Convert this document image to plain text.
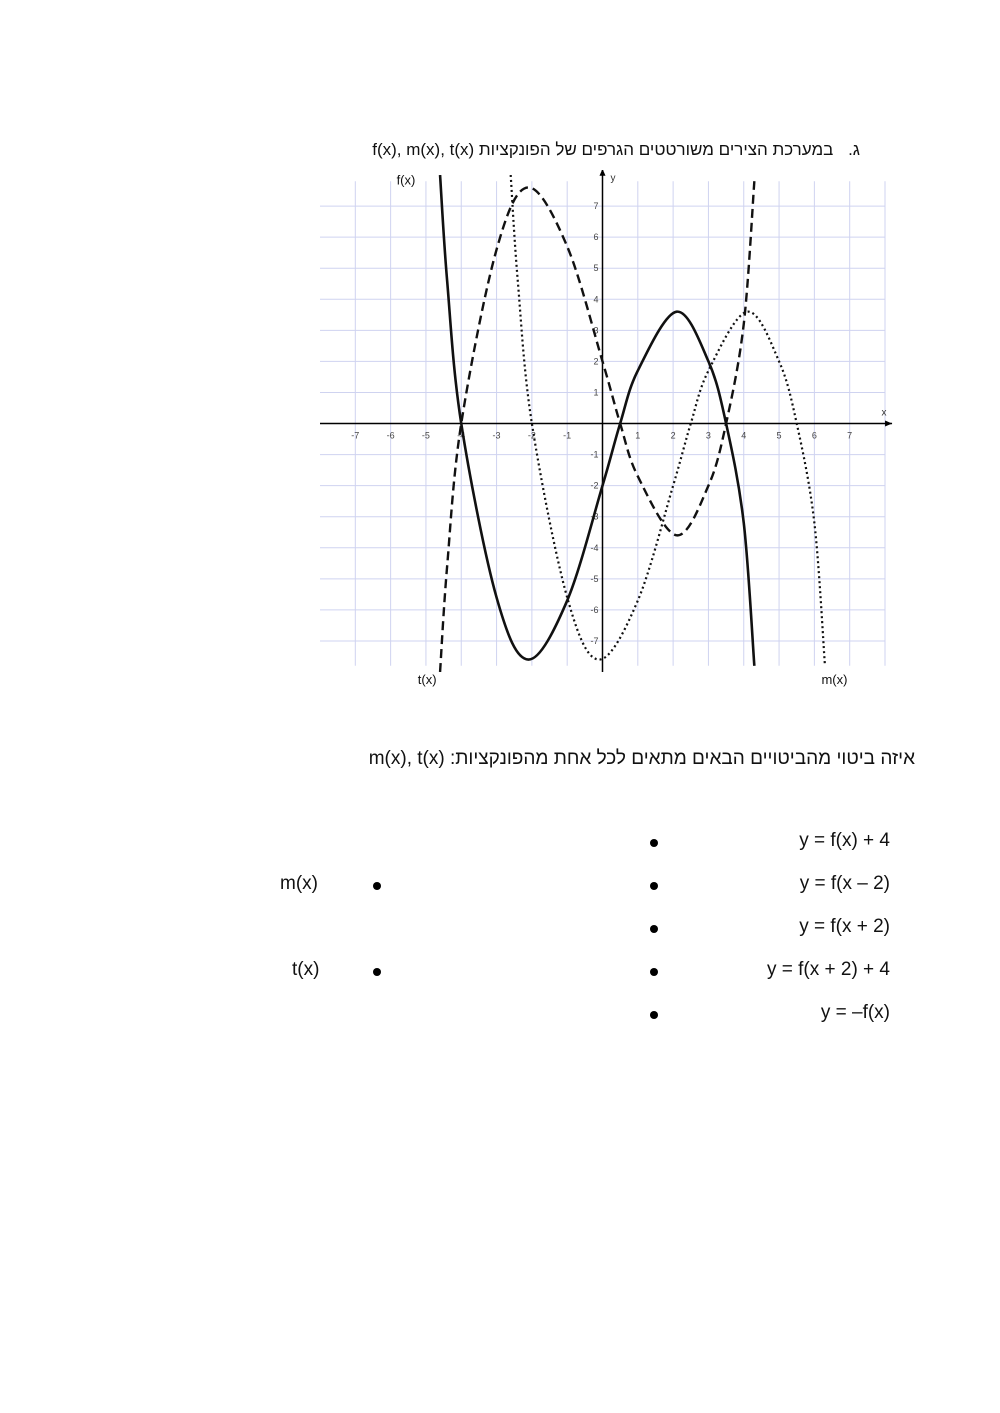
ג. במערכת הצירים משורטטים הגרפים של הפונקציות f(x), m(x), t(x)
x
y
-7	-6	-5	-4	-3	-2	-1	1	2	3	4	5	6	7
7
6
5
4
3
2
1
-1
-2
-3
-4
-5
-6
-7
f(x)
t(x)	m(x)
איזה ביטוי מהביטויים הבאים מתאים לכל אחת מהפונקציות: m(x), t(x)
y = f(x) + 4
y = f(x – 2)
y = f(x + 2)
y = f(x + 2) + 4
y = –f(x)
m(x)
t(x)
